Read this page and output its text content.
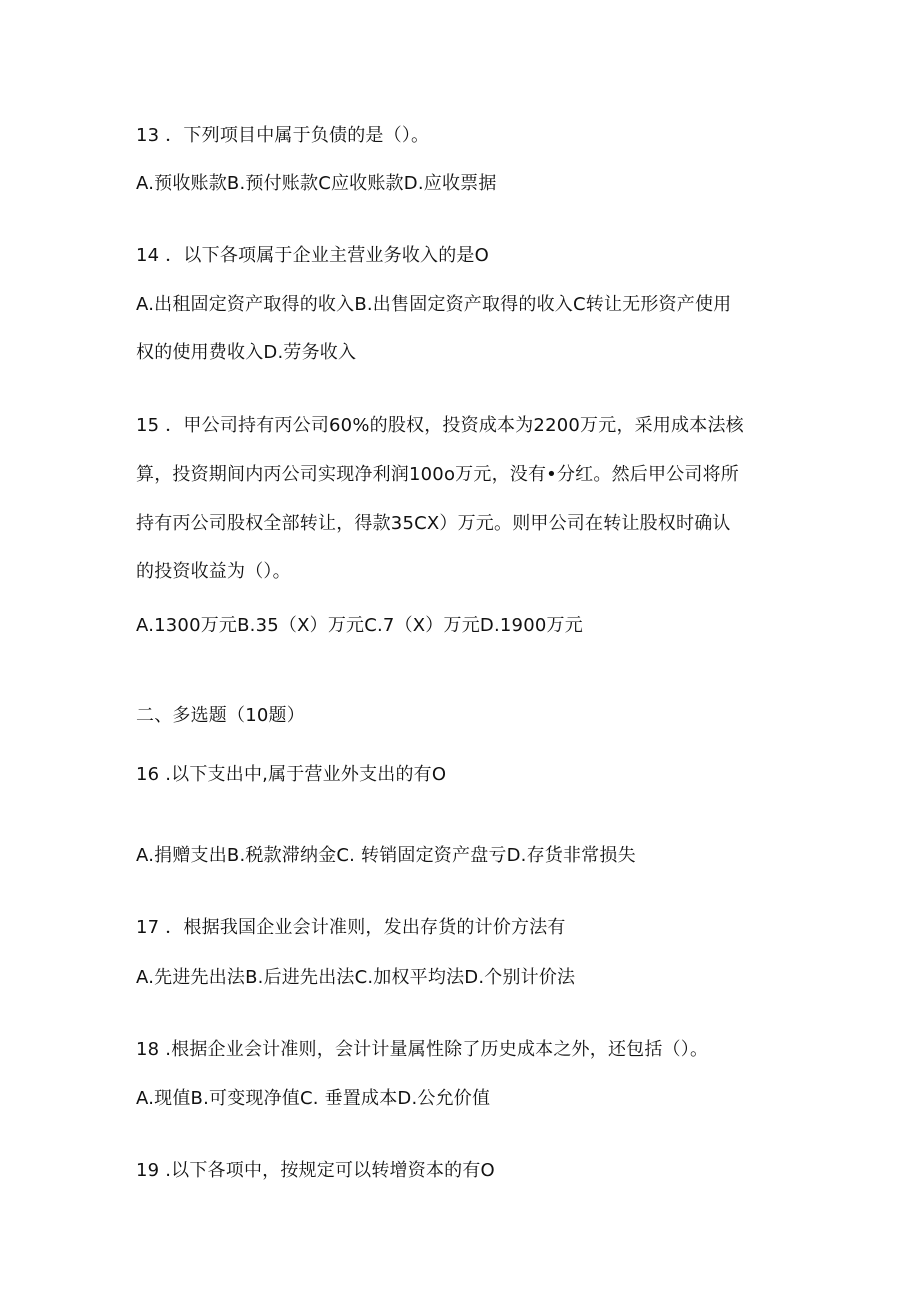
13 ．下列项目中属于负债的是（）。
A.预收账款B.预付账款C应收账款D.应收票据
14 ．以下各项属于企业主营业务收入的是O
A.出租固定资产取得的收入B.出售固定资产取得的收入C转让无形资产使用
权的使用费收入D.劳务收入
15 ．甲公司持有丙公司60%的股权，投资成本为2200万元，采用成本法核
算，投资期间内丙公司实现净利润100o万元，没有•分红。然后甲公司将所
持有丙公司股权全部转让，得款35CX）万元。则甲公司在转让股权时确认
的投资收益为（）。
A.1300万元B.35（X）万元C.7（X）万元D.1900万元
二、多选题（10题）
16 .以下支出中,属于营业外支出的有O
A.捐赠支出B.税款滞纳金C. 转销固定资产盘亏D.存货非常损失
17 ．根据我国企业会计准则，发出存货的计价方法有
A.先进先出法B.后进先出法C.加权平均法D.个别计价法
18 .根据企业会计准则，会计计量属性除了历史成本之外，还包括（）。
A.现值B.可变现净值C. 垂置成本D.公允价值
19 .以下各项中，按规定可以转增资本的有O
